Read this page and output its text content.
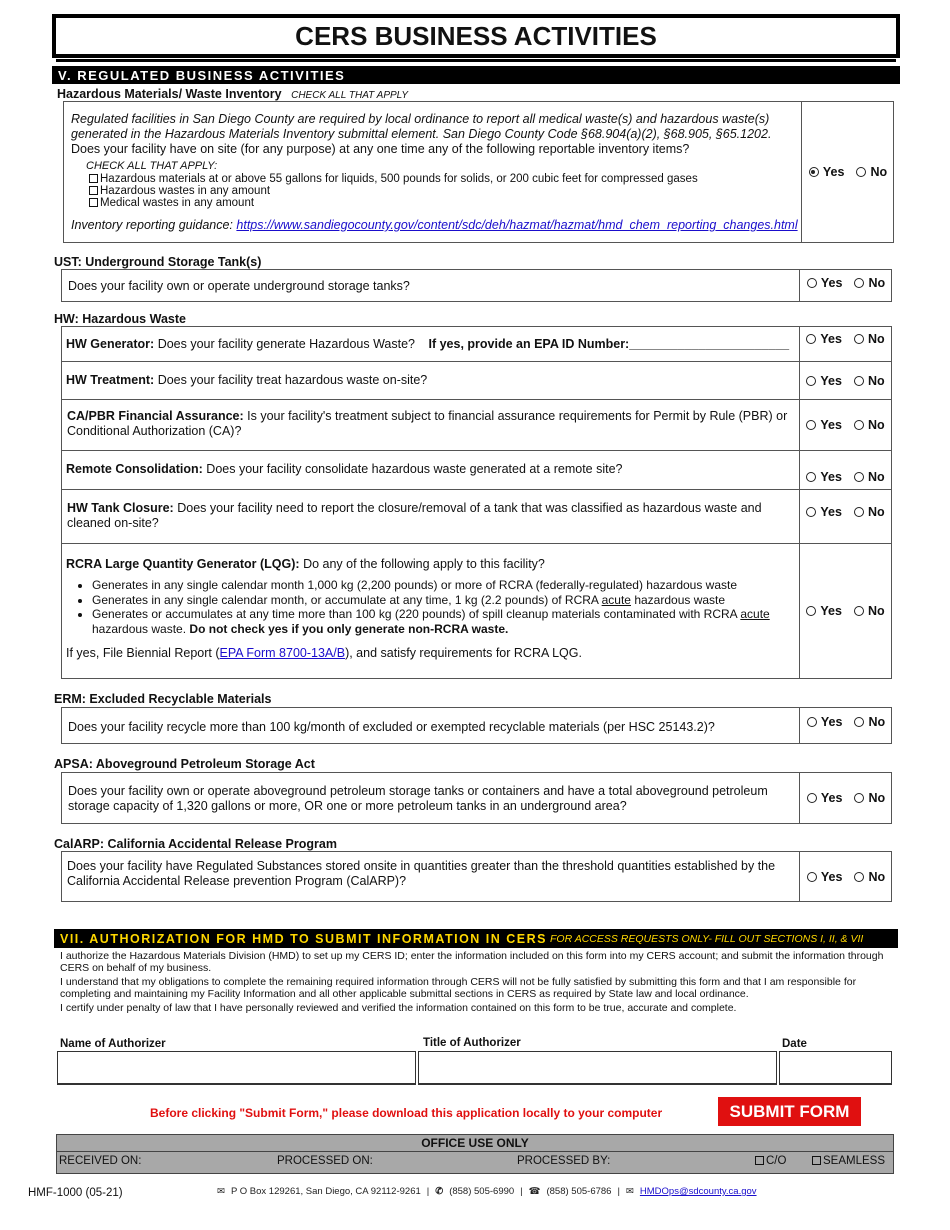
CERS BUSINESS ACTIVITIES
V. REGULATED BUSINESS ACTIVITIES
Hazardous Materials/ Waste Inventory CHECK ALL THAT APPLY
Regulated facilities in San Diego County are required by local ordinance to report all medical waste(s) and hazardous waste(s) generated in the Hazardous Materials Inventory submittal element. San Diego County Code §68.904(a)(2), §68.905, §65.1202.
Does your facility have on site (for any purpose) at any one time any of the following reportable inventory items?
CHECK ALL THAT APPLY:
Hazardous materials at or above 55 gallons for liquids, 500 pounds for solids, or 200 cubic feet for compressed gases
Hazardous wastes in any amount
Medical wastes in any amount
Inventory reporting guidance: https://www.sandiegocounty.gov/content/sdc/deh/hazmat/hazmat/hmd_chem_reporting_changes.html
Yes No
UST: Underground Storage Tank(s)
Does your facility own or operate underground storage tanks?	Yes No
HW: Hazardous Waste
HW Generator: Does your facility generate Hazardous Waste? If yes, provide an EPA ID Number:_______________________	Yes No
HW Treatment: Does your facility treat hazardous waste on-site?	Yes No
CA/PBR Financial Assurance: Is your facility's treatment subject to financial assurance requirements for Permit by Rule (PBR) or Conditional Authorization (CA)?	Yes No
Remote Consolidation: Does your facility consolidate hazardous waste generated at a remote site?
Yes No
HW Tank Closure: Does your facility need to report the closure/removal of a tank that was classified as hazardous waste and cleaned on-site?
Yes No
RCRA Large Quantity Generator (LQG): Do any of the following apply to this facility?
• Generates in any single calendar month 1,000 kg (2,200 pounds) or more of RCRA (federally-regulated) hazardous waste
• Generates in any single calendar month, or accumulate at any time, 1 kg (2.2 pounds) of RCRA acute hazardous waste
• Generates or accumulates at any time more than 100 kg (220 pounds) of spill cleanup materials contaminated with RCRA acute hazardous waste. Do not check yes if you only generate non-RCRA waste.
If yes, File Biennial Report (EPA Form 8700-13A/B), and satisfy requirements for RCRA LQG.
Yes No
ERM: Excluded Recyclable Materials
Does your facility recycle more than 100 kg/month of excluded or exempted recyclable materials (per HSC 25143.2)?	Yes No
APSA: Aboveground Petroleum Storage Act
Does your facility own or operate aboveground petroleum storage tanks or containers and have a total aboveground petroleum storage capacity of 1,320 gallons or more, OR one or more petroleum tanks in an underground area?
Yes No
CalARP: California Accidental Release Program
Does your facility have Regulated Substances stored onsite in quantities greater than the threshold quantities established by the California Accidental Release prevention Program (CalARP)?	Yes No
VII. AUTHORIZATION FOR HMD TO SUBMIT INFORMATION IN CERS FOR ACCESS REQUESTS ONLY- FILL OUT SECTIONS I, II, & VII
I authorize the Hazardous Materials Division (HMD) to set up my CERS ID; enter the information included on this form into my CERS account; and submit the information through CERS on behalf of my business.
I understand that my obligations to complete the remaining required information through CERS will not be fully satisfied by submitting this form and that I am responsible for completing and maintaining my Facility Information and all other applicable submittal sections in CERS as required by State law and local ordinance.
I certify under penalty of law that I have personally reviewed and verified the information contained on this form to be true, accurate and complete.
Name of Authorizer	Title of Authorizer	Date
Before clicking "Submit Form," please download this application locally to your computer	SUBMIT FORM
OFFICE USE ONLY
RECEIVED ON:	PROCESSED ON:	PROCESSED BY:	C/O	SEAMLESS
HMF-1000 (05-21)	✉ P O Box 129261, San Diego, CA 92112-9261 | ✆ (858) 505-6990 | ☎ (858) 505-6786 | ✉ HMDOps@sdcounty.ca.gov
